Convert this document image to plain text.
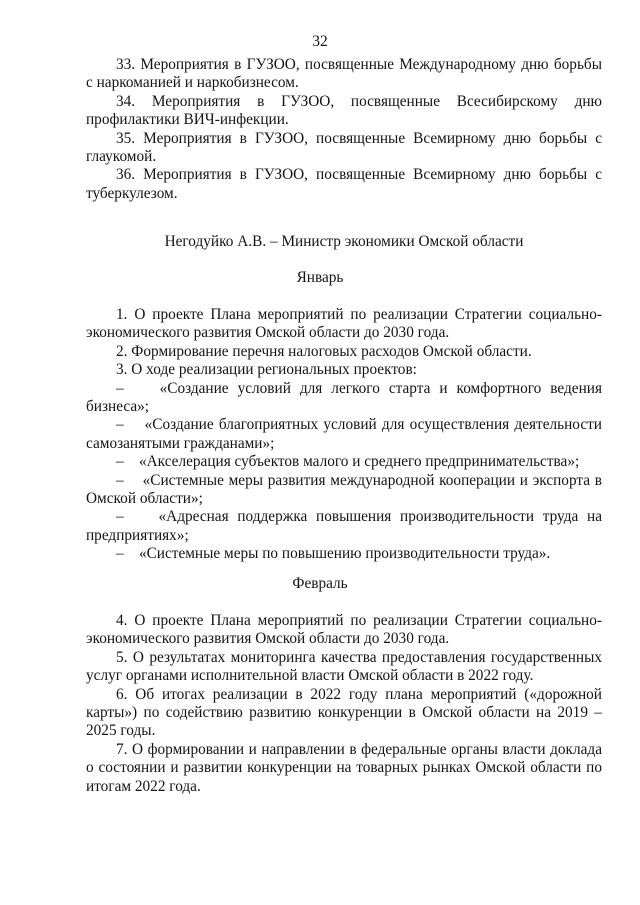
32

33. Мероприятия в ГУЗОО, посвященные Международному дню борьбы с наркоманией и наркобизнесом.

34. Мероприятия в ГУЗОО, посвященные Всесибирскому дню профилактики ВИЧ-инфекции.

35. Мероприятия в ГУЗОО, посвященные Всемирному дню борьбы с глаукомой.

36. Мероприятия в ГУЗОО, посвященные Всемирному дню борьбы с туберкулезом.

Негодуйко А.В. – Министр экономики Омской области
Январь

1. О проекте Плана мероприятий по реализации Стратегии социально-экономического развития Омской области до 2030 года.

2. Формирование перечня налоговых расходов Омской области.

3. О ходе реализации региональных проектов:

– «Создание условий для легкого старта и комфортного ведения бизнеса»;

– «Создание благоприятных условий для осуществления деятельности самозанятыми гражданами»;

– «Акселерация субъектов малого и среднего предпринимательства»;

– «Системные меры развития международной кооперации и экспорта в Омской области»;

– «Адресная поддержка повышения производительности труда на предприятиях»;

– «Системные меры по повышению производительности труда».

Февраль

4. О проекте Плана мероприятий по реализации Стратегии социально-экономического развития Омской области до 2030 года.

5. О результатах мониторинга качества предоставления государственных услуг органами исполнительной власти Омской области в 2022 году.

6. Об итогах реализации в 2022 году плана мероприятий («дорожной карты») по содействию развитию конкуренции в Омской области на 2019 – 2025 годы.

7. О формировании и направлении в федеральные органы власти доклада о состоянии и развитии конкуренции на товарных рынках Омской области по итогам 2022 года.
